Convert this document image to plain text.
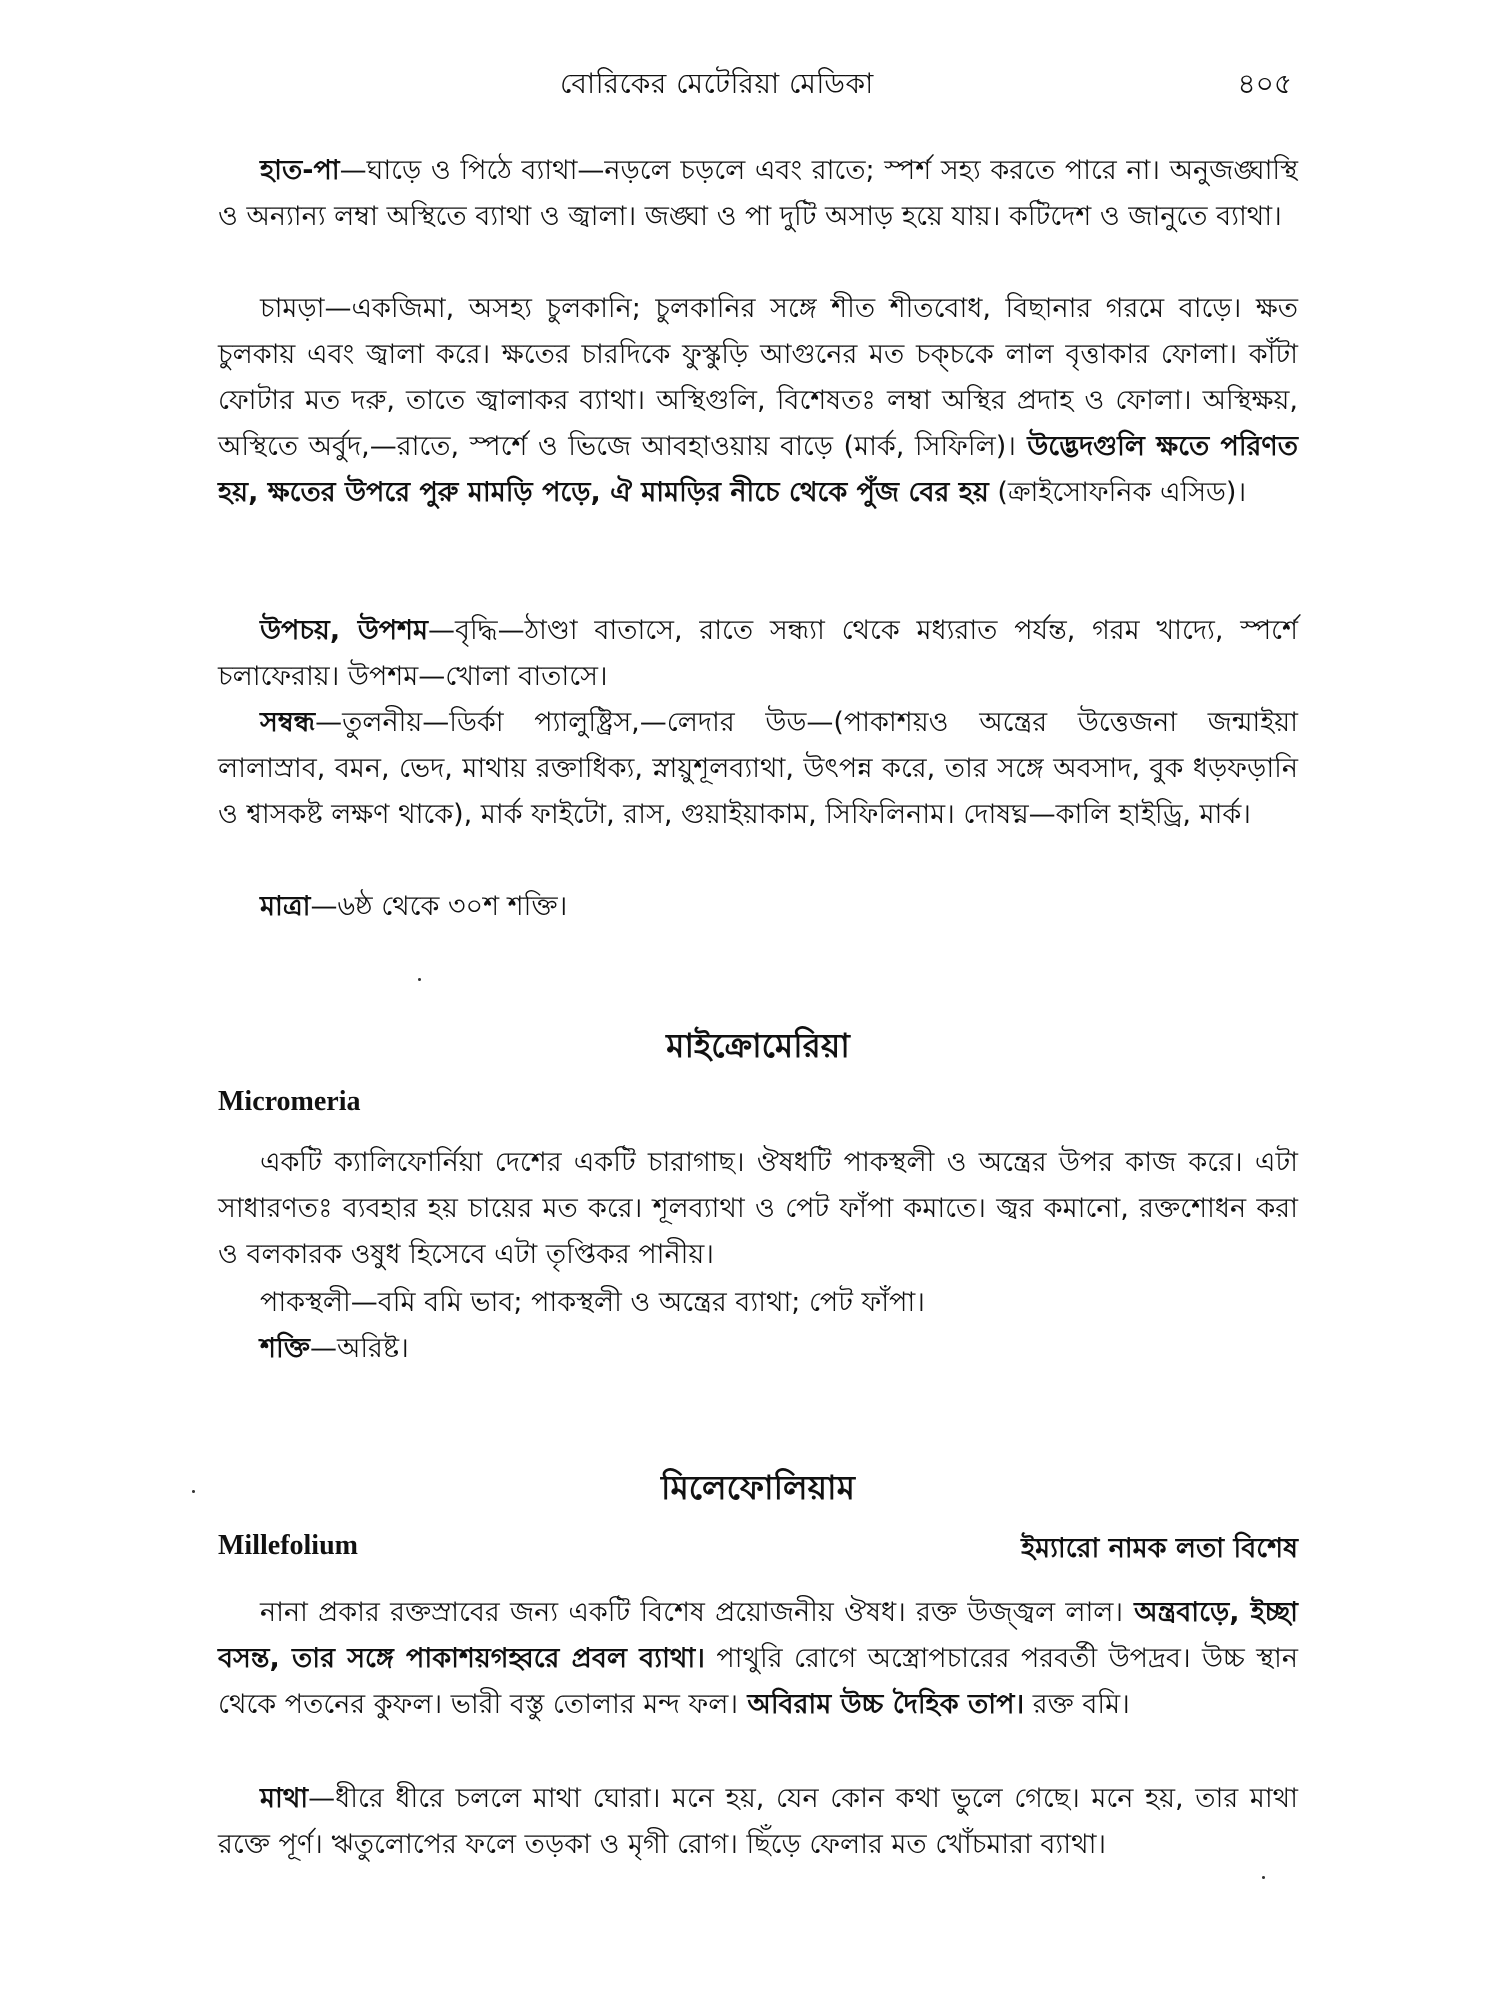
বোরিকের মেটেরিয়া মেডিকা	৪০৫

হাত-পা—ঘাড়ে ও পিঠে ব্যাথা—নড়লে চড়লে এবং রাতে; স্পর্শ সহ্য করতে পারে না। অনুজঙ্ঘাস্থি ও অন্যান্য লম্বা অস্থিতে ব্যাথা ও জ্বালা। জঙ্ঘা ও পা দুটি অসাড় হয়ে যায়। কটিদেশ ও জানুতে ব্যাথা।

চামড়া—একজিমা, অসহ্য চুলকানি; চুলকানির সঙ্গে শীত শীতবোধ, বিছানার গরমে বাড়ে। ক্ষত চুলকায় এবং জ্বালা করে। ক্ষতের চারদিকে ফুস্কুড়ি আগুনের মত চক্‌চকে লাল বৃত্তাকার ফোলা। কাঁটা ফোটার মত দরু, তাতে জ্বালাকর ব্যাথা। অস্থিগুলি, বিশেষতঃ লম্বা অস্থির প্রদাহ ও ফোলা। অস্থিক্ষয়, অস্থিতে অর্বুদ,—রাতে, স্পর্শে ও ভিজে আবহাওয়ায় বাড়ে (মার্ক, সিফিলি)। উদ্ভেদগুলি ক্ষতে পরিণত হয়, ক্ষতের উপরে পুরু মামড়ি পড়ে, ঐ মামড়ির নীচে থেকে পুঁজ বের হয় (ক্রাইসোফনিক এসিড)।

উপচয়, উপশম—বৃদ্ধি—ঠাণ্ডা বাতাসে, রাতে সন্ধ্যা থেকে মধ্যরাত পর্যন্ত, গরম খাদ্যে, স্পর্শে চলাফেরায়। উপশম—খোলা বাতাসে।

সম্বন্ধ—তুলনীয়—ডির্কা প্যালুষ্ট্রিস,—লেদার উড—(পাকাশয়ও অন্ত্রের উত্তেজনা জন্মাইয়া লালাস্রাব, বমন, ভেদ, মাথায় রক্তাধিক্য, স্নায়ুশূলব্যাথা, উৎপন্ন করে, তার সঙ্গে অবসাদ, বুক ধড়ফড়ানি ও শ্বাসকষ্ট লক্ষণ থাকে), মার্ক ফাইটো, রাস, গুয়াইয়াকাম, সিফিলিনাম। দোষঘ্ন—কালি হাইড্রি, মার্ক।

মাত্রা—৬ষ্ঠ থেকে ৩০শ শক্তি।

মাইক্রোমেরিয়া

Micromeria

একটি ক্যালিফোর্নিয়া দেশের একটি চারাগাছ। ঔষধটি পাকস্থলী ও অন্ত্রের উপর কাজ করে। এটা সাধারণতঃ ব্যবহার হয় চায়ের মত করে। শূলব্যাথা ও পেট ফাঁপা কমাতে। জ্বর কমানো, রক্তশোধন করা ও বলকারক ওষুধ হিসেবে এটা তৃপ্তিকর পানীয়।

পাকস্থলী—বমি বমি ভাব; পাকস্থলী ও অন্ত্রের ব্যাথা; পেট ফাঁপা।

শক্তি—অরিষ্ট।

মিলেফোলিয়াম

Millefolium	ইম্যারো নামক লতা বিশেষ

নানা প্রকার রক্তস্রাবের জন্য একটি বিশেষ প্রয়োজনীয় ঔষধ। রক্ত উজ্জ্বল লাল। অন্ত্রবাড়ে, ইচ্ছা বসন্ত, তার সঙ্গে পাকাশয়গহ্বরে প্রবল ব্যাথা। পাথুরি রোগে অস্ত্রোপচারের পরবর্তী উপদ্রব। উচ্চ স্থান থেকে পতনের কুফল। ভারী বস্তু তোলার মন্দ ফল। অবিরাম উচ্চ দৈহিক তাপ। রক্ত বমি।

মাথা—ধীরে ধীরে চললে মাথা ঘোরা। মনে হয়, যেন কোন কথা ভুলে গেছে। মনে হয়, তার মাথা রক্তে পূর্ণ। ঋতুলোপের ফলে তড়কা ও মৃগী রোগ। ছিঁড়ে ফেলার মত খোঁচমারা ব্যাথা।
